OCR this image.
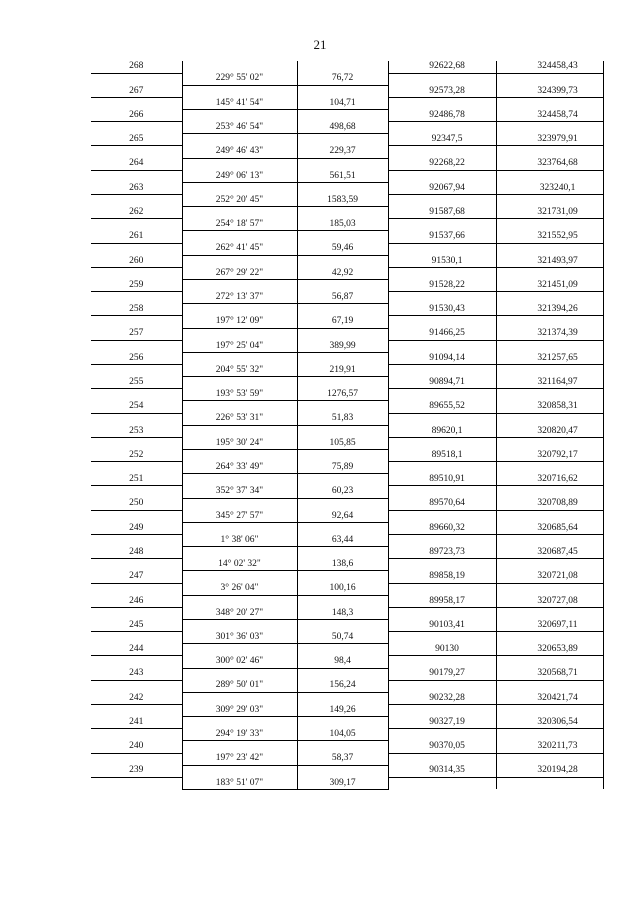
21
268			92622,68	324458,43
	229° 55' 02"	76,72		
267			92573,28	324399,73
	145° 41' 54"	104,71		
266			92486,78	324458,74
	253° 46' 54"	498,68		
265			92347,5	323979,91
	249° 46' 43"	229,37		
264			92268,22	323764,68
	249° 06' 13"	561,51		
263			92067,94	323240,1
	252° 20' 45"	1583,59		
262			91587,68	321731,09
	254° 18' 57"	185,03		
261			91537,66	321552,95
	262° 41' 45"	59,46		
260			91530,1	321493,97
	267° 29' 22"	42,92		
259			91528,22	321451,09
	272° 13' 37"	56,87		
258			91530,43	321394,26
	197° 12' 09"	67,19		
257			91466,25	321374,39
	197° 25' 04"	389,99		
256			91094,14	321257,65
	204° 55' 32"	219,91		
255			90894,71	321164,97
	193° 53' 59"	1276,57		
254			89655,52	320858,31
	226° 53' 31"	51,83		
253			89620,1	320820,47
	195° 30' 24"	105,85		
252			89518,1	320792,17
	264° 33' 49"	75,89		
251			89510,91	320716,62
	352° 37' 34"	60,23		
250			89570,64	320708,89
	345° 27' 57"	92,64		
249			89660,32	320685,64
	1° 38' 06"	63,44		
248			89723,73	320687,45
	14° 02' 32"	138,6		
247			89858,19	320721,08
	3° 26' 04"	100,16		
246			89958,17	320727,08
	348° 20' 27"	148,3		
245			90103,41	320697,11
	301° 36' 03"	50,74		
244			90130	320653,89
	300° 02' 46"	98,4		
243			90179,27	320568,71
	289° 50' 01"	156,24		
242			90232,28	320421,74
	309° 29' 03"	149,26		
241			90327,19	320306,54
	294° 19' 33"	104,05		
240			90370,05	320211,73
	197° 23' 42"	58,37		
239			90314,35	320194,28
	183° 51' 07"	309,17		
